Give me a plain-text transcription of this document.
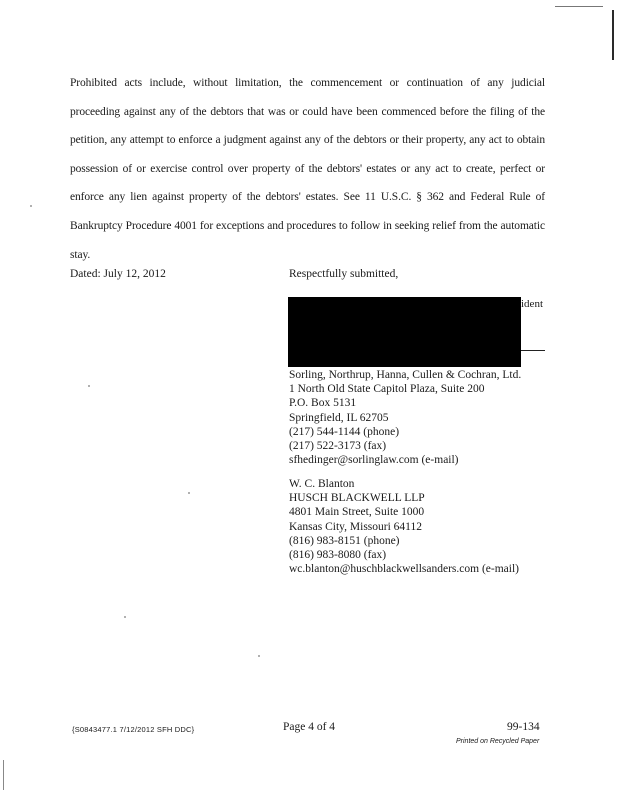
Prohibited acts include, without limitation, the commencement or continuation of any judicial proceeding against any of the debtors that was or could have been commenced before the filing of the petition, any attempt to enforce a judgment against any of the debtors or their property, any act to obtain possession of or exercise control over property of the debtors' estates or any act to create, perfect or enforce any lien against property of the debtors' estates. See 11 U.S.C. § 362 and Federal Rule of Bankruptcy Procedure 4001 for exceptions and procedures to follow in seeking relief from the automatic stay.

Dated: July 12, 2012	Respectfully submitted,
ident
Sorling, Northrup, Hanna, Cullen & Cochran, Ltd.
1 North Old State Capitol Plaza, Suite 200
P.O. Box 5131
Springfield, IL 62705
(217) 544-1144 (phone)
(217) 522-3173 (fax)
sfhedinger@sorlinglaw.com (e-mail)
W. C. Blanton
HUSCH BLACKWELL LLP
4801 Main Street, Suite 1000
Kansas City, Missouri 64112
(816) 983-8151 (phone)
(816) 983-8080 (fax)
wc.blanton@huschblackwellsanders.com (e-mail)
{S0843477.1 7/12/2012 SFH DDC}	Page 4 of 4	99-134
Printed on Recycled Paper
